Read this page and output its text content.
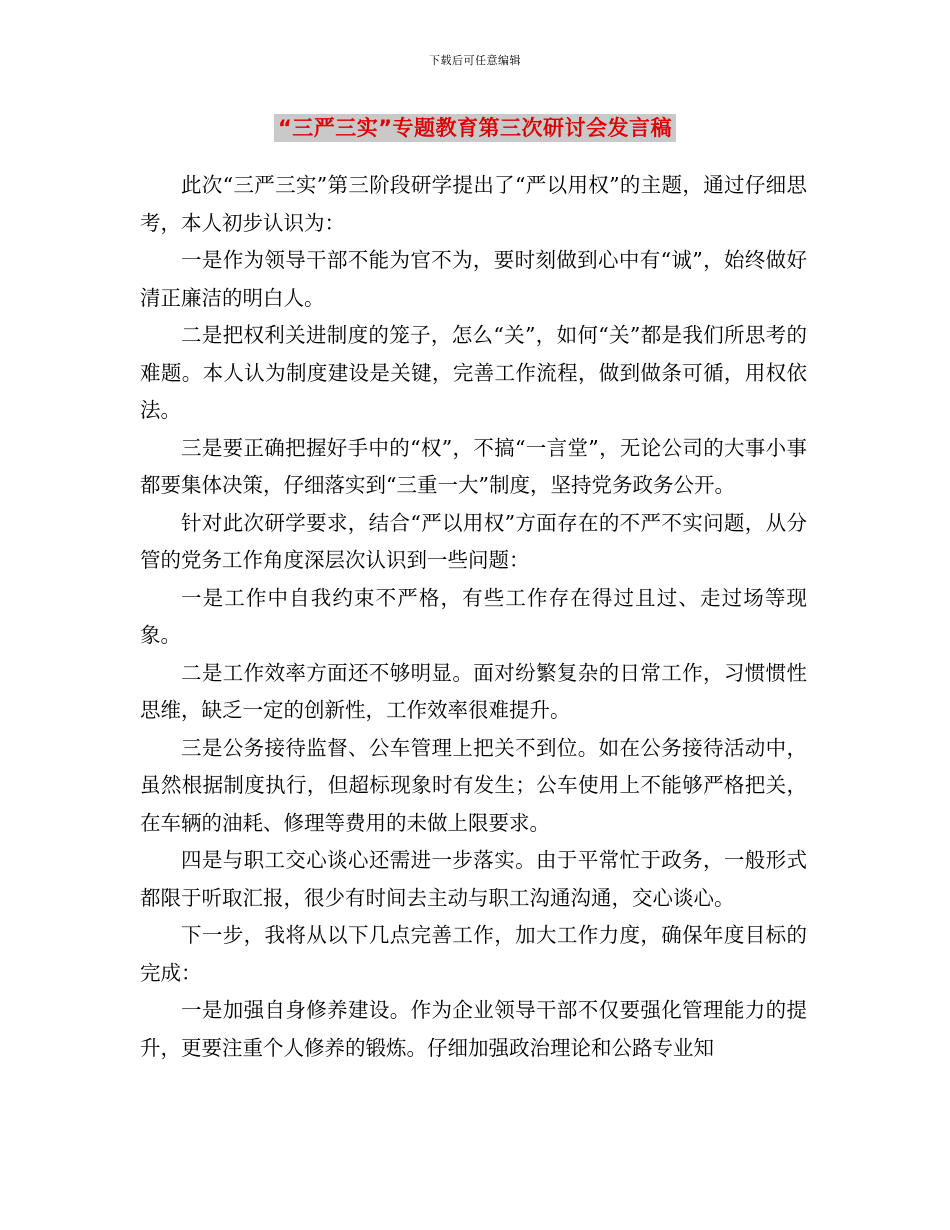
下载后可任意编辑
“三严三实”专题教育第三次研讨会发言稿

此次“三严三实”第三阶段研学提出了“严以用权”的主题，通过仔细思考，本人初步认识为：

一是作为领导干部不能为官不为，要时刻做到心中有“诚”，始终做好清正廉洁的明白人。

二是把权利关进制度的笼子，怎么“关”，如何“关”都是我们所思考的难题。本人认为制度建设是关键，完善工作流程，做到做条可循，用权依法。

三是要正确把握好手中的“权”，不搞“一言堂”，无论公司的大事小事都要集体决策，仔细落实到“三重一大”制度，坚持党务政务公开。

针对此次研学要求，结合“严以用权”方面存在的不严不实问题，从分管的党务工作角度深层次认识到一些问题：

一是工作中自我约束不严格，有些工作存在得过且过、走过场等现象。

二是工作效率方面还不够明显。面对纷繁复杂的日常工作，习惯惯性思维，缺乏一定的创新性，工作效率很难提升。

三是公务接待监督、公车管理上把关不到位。如在公务接待活动中，虽然根据制度执行，但超标现象时有发生；公车使用上不能够严格把关，在车辆的油耗、修理等费用的未做上限要求。

四是与职工交心谈心还需进一步落实。由于平常忙于政务，一般形式都限于听取汇报，很少有时间去主动与职工沟通沟通，交心谈心。

下一步，我将从以下几点完善工作，加大工作力度，确保年度目标的完成：

一是加强自身修养建设。作为企业领导干部不仅要强化管理能力的提升，更要注重个人修养的锻炼。仔细加强政治理论和公路专业知
